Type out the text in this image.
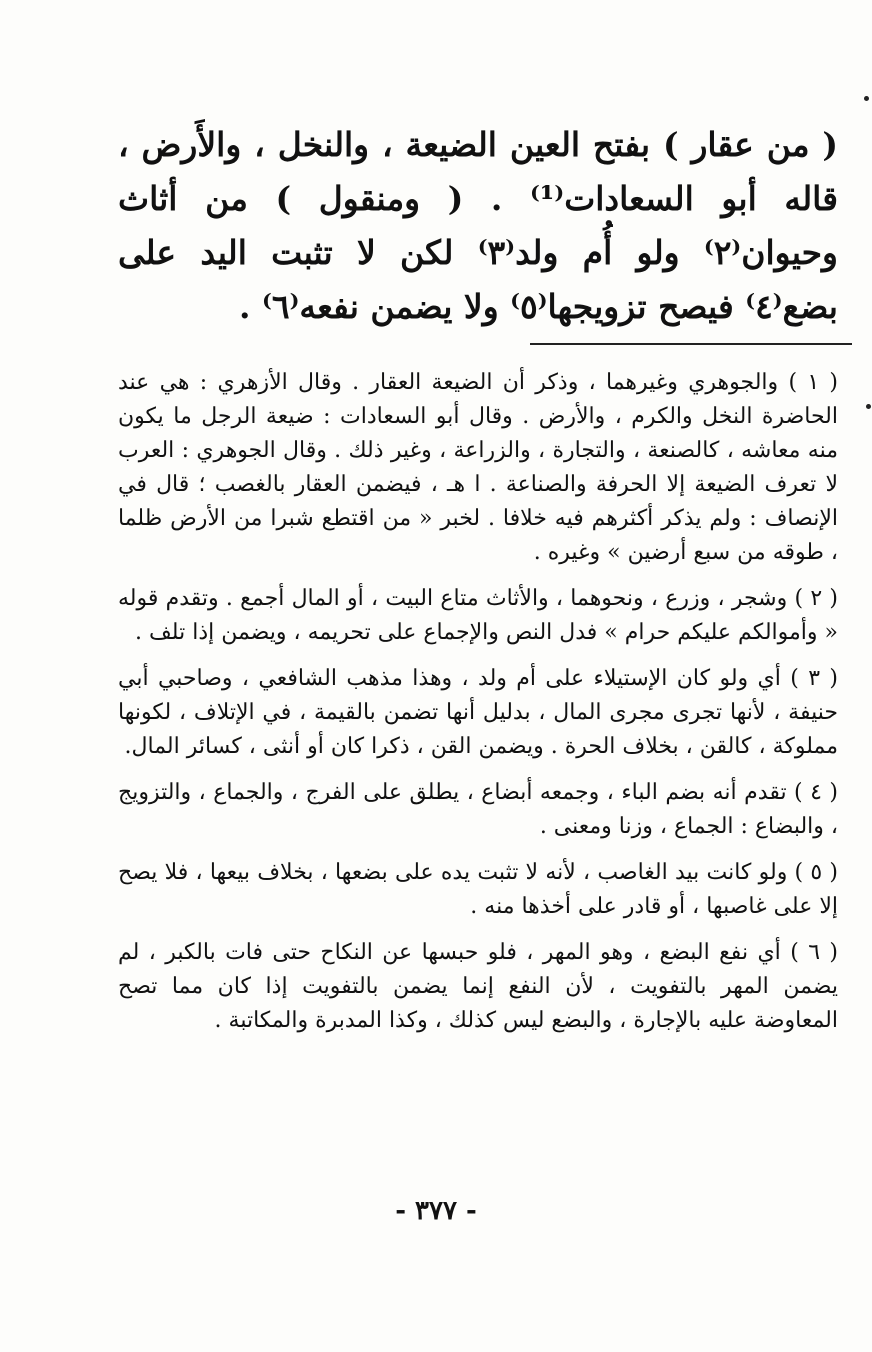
( من عقار ) بفتح العين الضيعة ، والنخل ، والأَرض ، قاله أبو السعادات⁽¹⁾ . ( ومنقول ) من أثاث وحيوان⁽٢⁾ ولو أُم ولد⁽٣⁾ لكن لا تثبت اليد على بضع⁽٤⁾ فيصح تزويجها⁽٥⁾ ولا يضمن نفعه⁽٦⁾ .

( ١ ) والجوهري وغيرهما ، وذكر أن الضيعة العقار . وقال الأزهري : هي عند الحاضرة النخل والكرم ، والأرض . وقال أبو السعادات : ضيعة الرجل ما يكون منه معاشه ، كالصنعة ، والتجارة ، والزراعة ، وغير ذلك . وقال الجوهري : العرب لا تعرف الضيعة إلا الحرفة والصناعة . ا هـ ، فيضمن العقار بالغصب ؛ قال في الإنصاف : ولم يذكر أكثرهم فيه خلافا . لخبر « من اقتطع شبرا من الأرض ظلما ، طوقه من سبع أرضين » وغيره .

( ٢ ) وشجر ، وزرع ، ونحوهما ، والأثاث متاع البيت ، أو المال أجمع . وتقدم قوله « وأموالكم عليكم حرام » فدل النص والإجماع على تحريمه ، ويضمن إذا تلف .

( ٣ ) أي ولو كان الإستيلاء على أم ولد ، وهذا مذهب الشافعي ، وصاحبي أبي حنيفة ، لأنها تجرى مجرى المال ، بدليل أنها تضمن بالقيمة ، في الإتلاف ، لكونها مملوكة ، كالقن ، بخلاف الحرة . ويضمن القن ، ذكرا كان أو أنثى ، كسائر المال.

( ٤ ) تقدم أنه بضم الباء ، وجمعه أبضاع ، يطلق على الفرج ، والجماع ، والتزويج ، والبضاع : الجماع ، وزنا ومعنى .

( ٥ ) ولو كانت بيد الغاصب ، لأنه لا تثبت يده على بضعها ، بخلاف بيعها ، فلا يصح إلا على غاصبها ، أو قادر على أخذها منه .

( ٦ ) أي نفع البضع ، وهو المهر ، فلو حبسها عن النكاح حتى فات بالكبر ، لم يضمن المهر بالتفويت ، لأن النفع إنما يضمن بالتفويت إذا كان مما تصح المعاوضة عليه بالإجارة ، والبضع ليس كذلك ، وكذا المدبرة والمكاتبة .

- ٣٧٧ -
